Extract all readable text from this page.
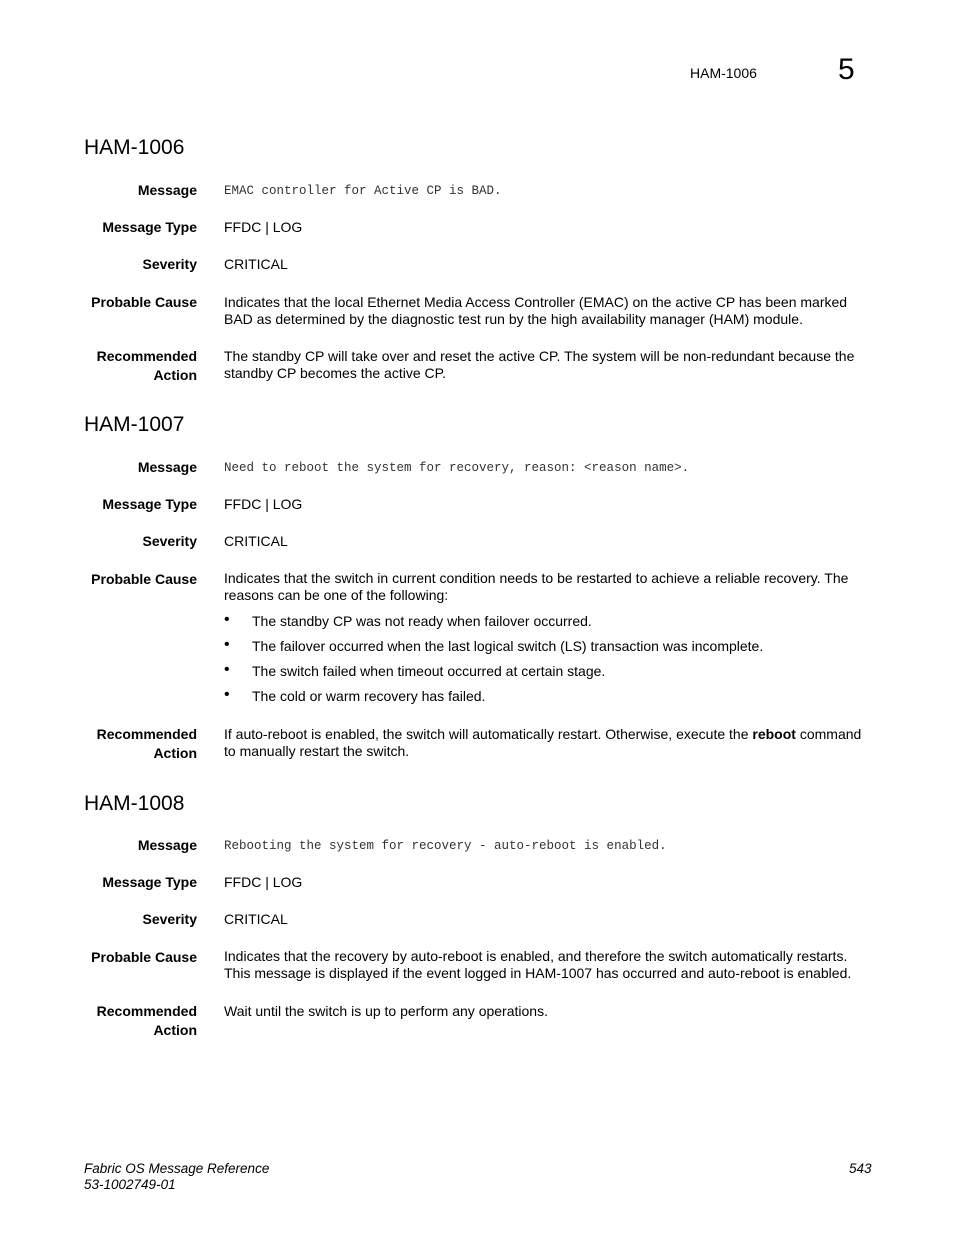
HAM-1006	5
HAM-1006
Message EMAC controller for Active CP is BAD.
Message Type FFDC | LOG
Severity CRITICAL
Probable Cause Indicates that the local Ethernet Media Access Controller (EMAC) on the active CP has been marked BAD as determined by the diagnostic test run by the high availability manager (HAM) module.
Recommended
Action
The standby CP will take over and reset the active CP. The system will be non-redundant because the standby CP becomes the active CP.
HAM-1007
Message Need to reboot the system for recovery, reason: <reason name>.
Message Type FFDC | LOG
Severity CRITICAL
Probable Cause Indicates that the switch in current condition needs to be restarted to achieve a reliable recovery. The reasons can be one of the following:
• The standby CP was not ready when failover occurred.
• The failover occurred when the last logical switch (LS) transaction was incomplete.
• The switch failed when timeout occurred at certain stage.
• The cold or warm recovery has failed.
Recommended
Action
If auto-reboot is enabled, the switch will automatically restart. Otherwise, execute the reboot command to manually restart the switch.
HAM-1008
Message Rebooting the system for recovery - auto-reboot is enabled.
Message Type FFDC | LOG
Severity CRITICAL
Probable Cause Indicates that the recovery by auto-reboot is enabled, and therefore the switch automatically restarts. This message is displayed if the event logged in HAM-1007 has occurred and auto-reboot is enabled.
Recommended
Action
Wait until the switch is up to perform any operations.
Fabric OS Message Reference
53-1002749-01
543
